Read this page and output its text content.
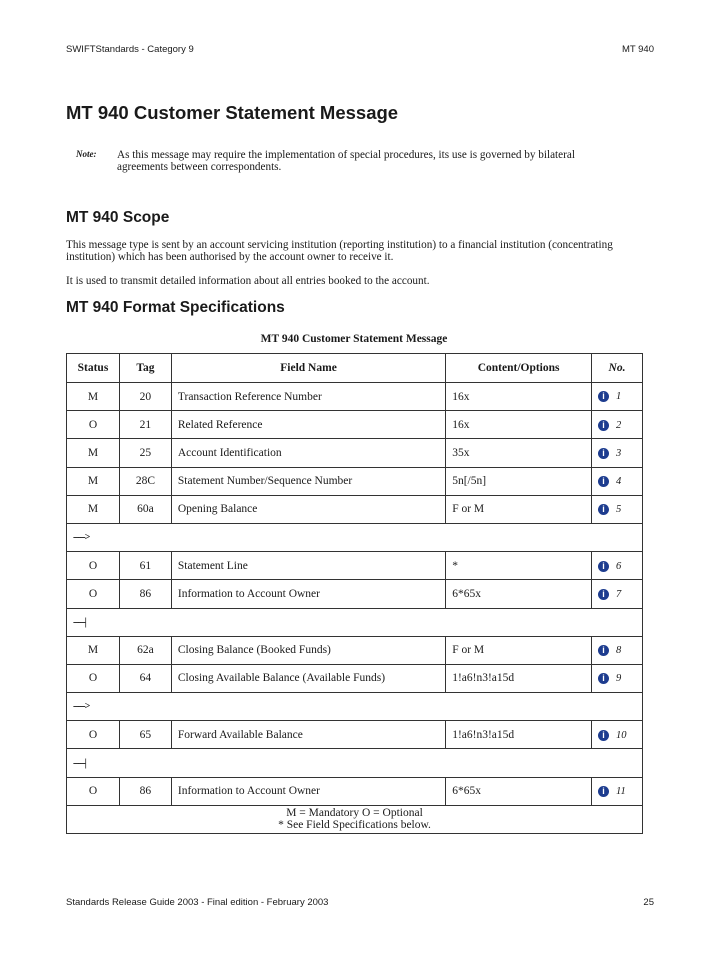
SWIFTStandards - Category 9	MT 940
MT 940 Customer Statement Message
Note: As this message may require the implementation of special procedures, its use is governed by bilateral agreements between correspondents.
MT 940 Scope
This message type is sent by an account servicing institution (reporting institution) to a financial institution (concentrating institution) which has been authorised by the account owner to receive it.
It is used to transmit detailed information about all entries booked to the account.
MT 940 Format Specifications
MT 940 Customer Statement Message
Status	Tag	Field Name	Content/Options	No.
M	20	Transaction Reference Number	16x	i 1
O	21	Related Reference	16x	i 2
M	25	Account Identification	35x	i 3
M	28C	Statement Number/Sequence Number	5n[/5n]	i 4
M	60a	Opening Balance	F or M	i 5
----->				
O	61	Statement Line	*	i 6
O	86	Information to Account Owner	6*65x	i 7
-----|				
M	62a	Closing Balance (Booked Funds)	F or M	i 8
O	64	Closing Available Balance (Available Funds)	1!a6!n3!a15d	i 9
----->				
O	65	Forward Available Balance	1!a6!n3!a15d	i 10
-----|				
O	86	Information to Account Owner	6*65x	i 11

M = Mandatory O = Optional
* See Field Specifications below.				
Standards Release Guide 2003 - Final edition - February 2003	25
